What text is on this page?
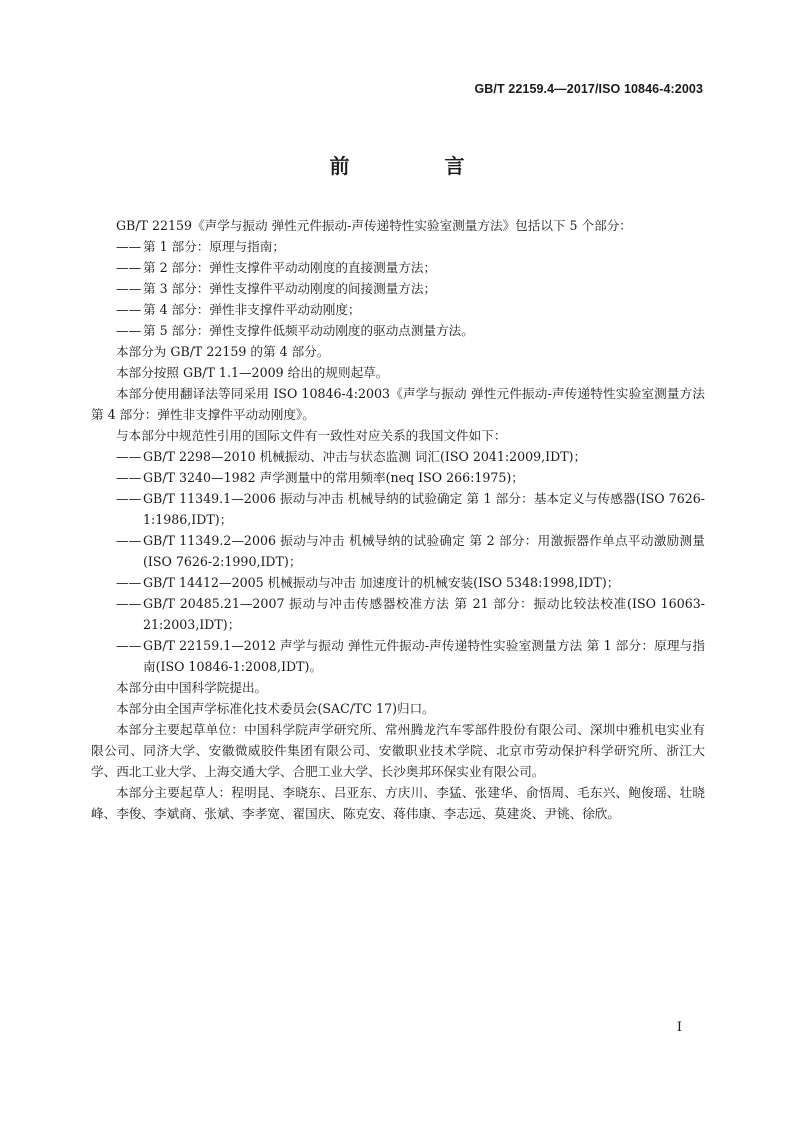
GB/T 22159.4—2017/ISO 10846-4:2003
前 言

GB/T 22159《声学与振动 弹性元件振动-声传递特性实验室测量方法》包括以下 5 个部分：

—— 第 1 部分：原理与指南；

—— 第 2 部分：弹性支撑件平动动刚度的直接测量方法；

—— 第 3 部分：弹性支撑件平动动刚度的间接测量方法；

—— 第 4 部分：弹性非支撑件平动动刚度；

—— 第 5 部分：弹性支撑件低频平动动刚度的驱动点测量方法。

本部分为 GB/T 22159 的第 4 部分。

本部分按照 GB/T 1.1—2009 给出的规则起草。

本部分使用翻译法等同采用 ISO 10846-4:2003《声学与振动 弹性元件振动-声传递特性实验室测量方法 第 4 部分：弹性非支撑件平动动刚度》。

与本部分中规范性引用的国际文件有一致性对应关系的我国文件如下：

—— GB/T 2298—2010 机械振动、冲击与状态监测 词汇(ISO 2041:2009,IDT)；

—— GB/T 3240—1982 声学测量中的常用频率(neq ISO 266:1975)；

—— GB/T 11349.1—2006 振动与冲击 机械导纳的试验确定 第 1 部分：基本定义与传感器(ISO 7626-1:1986,IDT)；

—— GB/T 11349.2—2006 振动与冲击 机械导纳的试验确定 第 2 部分：用激振器作单点平动激励测量(ISO 7626-2:1990,IDT)；

—— GB/T 14412—2005 机械振动与冲击 加速度计的机械安装(ISO 5348:1998,IDT)；

—— GB/T 20485.21—2007 振动与冲击传感器校准方法 第 21 部分：振动比较法校准(ISO 16063-21:2003,IDT)；

—— GB/T 22159.1—2012 声学与振动 弹性元件振动-声传递特性实验室测量方法 第 1 部分：原理与指南(ISO 10846-1:2008,IDT)。

本部分由中国科学院提出。

本部分由全国声学标准化技术委员会(SAC/TC 17)归口。

本部分主要起草单位：中国科学院声学研究所、常州腾龙汽车零部件股份有限公司、深圳中雅机电实业有限公司、同济大学、安徽微威胶件集团有限公司、安徽职业技术学院、北京市劳动保护科学研究所、浙江大学、西北工业大学、上海交通大学、合肥工业大学、长沙奥邦环保实业有限公司。

本部分主要起草人：程明昆、李晓东、吕亚东、方庆川、李猛、张建华、俞悟周、毛东兴、鲍俊瑶、壮晓峰、李俊、李斌商、张斌、李孝宽、翟国庆、陈克安、蒋伟康、李志远、莫建炎、尹铫、徐欣。

I
